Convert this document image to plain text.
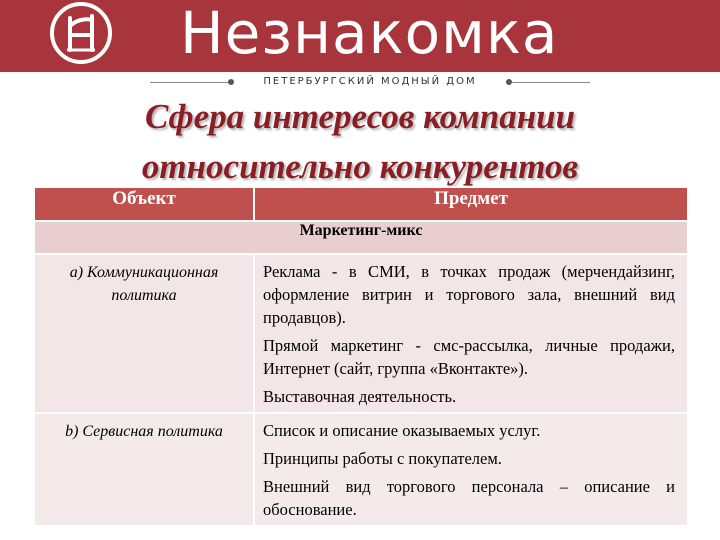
Незнакомка
ПЕТЕРБУРГСКИЙ МОДНЫЙ ДОМ
Сфера интересов компании
относительно конкурентов
Объект	Предмет
Маркетинг-микс	
а) Коммуникационная политика	Реклама - в СМИ, в точках продаж (мерчендайзинг, оформление витрин и торгового зала, внешний вид продавцов).

Прямой маркетинг - смс-рассылка, личные продажи, Интернет (сайт, группа «Вконтакте»).

Выставочная деятельность.

b) Сервисная политика	Список и описание оказываемых услуг.

Принципы работы с покупателем.

Внешний вид торгового персонала – описание и обоснование.
